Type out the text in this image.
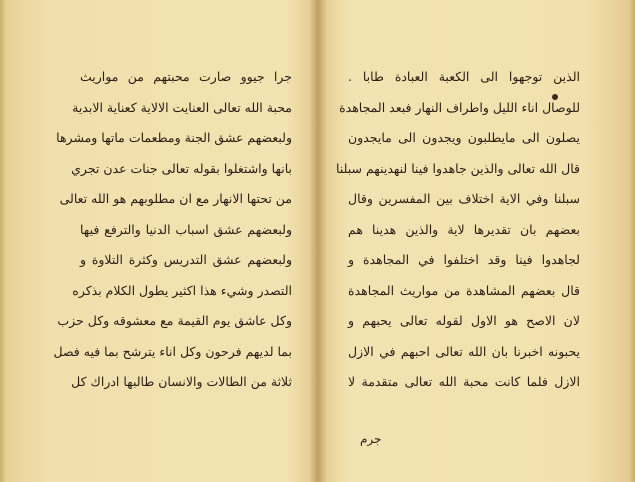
جرا جيوو صارت محبتهم من مواريث
محبة الله تعالى العنايت الالاية كعناية الابدية
ولبعضهم عشق الجنة ومطعمات ماتها ومشرها
بانها واشتغلوا بقوله تعالى جنات عدن تجري
من تحتها الانهار مع ان مطلوبهم هو الله تعالى
ولبعضهم عشق اسباب الدنيا والترفع فيها
ولبعضهم عشق التدريس وكثرة التلاوة و
التصدر وشيء هذا اكثير يطول الكلام بذكره
وكل عاشق يوم القيمة مع معشوقه وكل حزب
بما لديهم فرحون وكل اناء يترشح بما فيه فصل
ثلاثة من الطالات والانسان طالبها ادراك كل
الذين توجهوا الى الكعبة العبادة طابا .
للوصال اناء الليل واطراف النهار فبعد المجاهدة
يصلون الى مايطلبون ويجدون الى مايجدون
قال الله تعالى والذين جاهدوا فينا لنهدينهم سبلنا
سبلنا وفي الاية اختلاف بين المفسرين وقال
بعضهم بان تقديرها لاية والذين هدينا هم
لجاهدوا فينا وقد اختلفوا في المجاهدة و
قال بعضهم المشاهدة من مواريث المجاهدة
لان الاصح هو الاول لقوله تعالى يحبهم و
يحبونه اخبرنا بان الله تعالى احبهم في الازل
الازل فلما كانت محبة الله تعالى متقدمة لا
جرم
